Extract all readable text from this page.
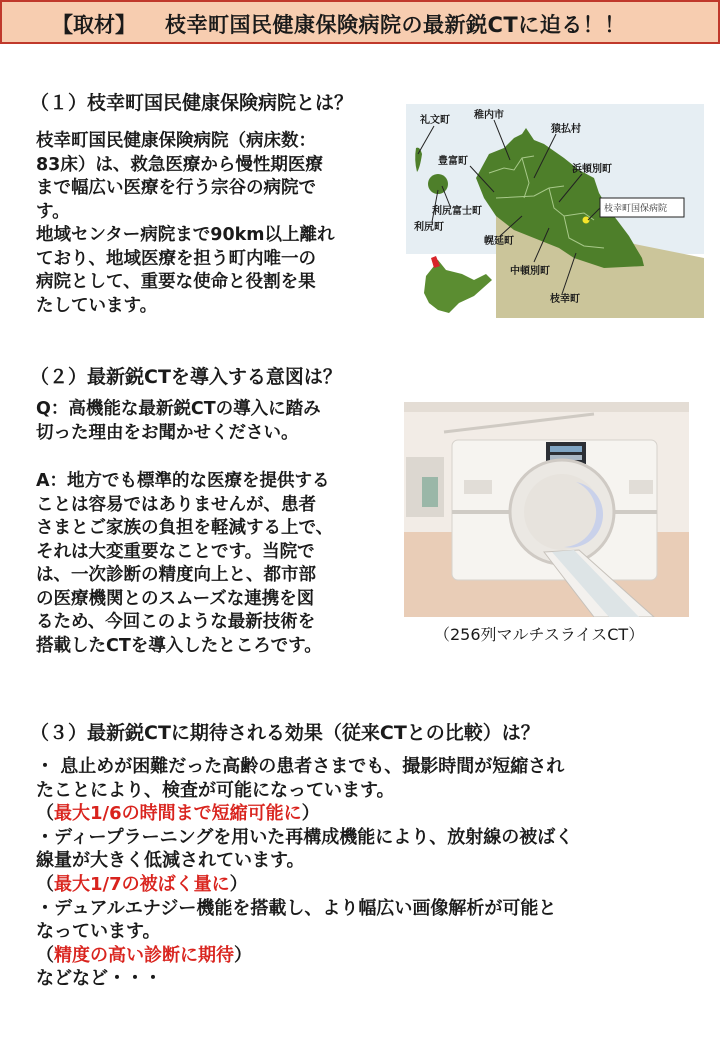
【取材】 枝幸町国民健康保険病院の最新鋭CTに迫る！！
（１）枝幸町国民健康保険病院とは？
枝幸町国民健康保険病院（病床数：
83床）は、救急医療から慢性期医療
まで幅広い医療を行う宗谷の病院で
す。
地域センター病院まで90km以上離れ
ており、地域医療を担う町内唯一の
病院として、重要な使命と役割を果
たしています。
礼文町 稚内市
猿払村
豊富町
浜頓別町
利尻富士町
利尻町
幌延町
中頓別町
枝幸町
枝幸町国保病院
（２）最新鋭CTを導入する意図は？
Q：高機能な最新鋭CTの導入に踏み
切った理由をお聞かせください。
A：地方でも標準的な医療を提供する
ことは容易ではありませんが、患者
さまとご家族の負担を軽減する上で、
それは大変重要なことです。当院で
は、一次診断の精度向上と、都市部
の医療機関とのスムーズな連携を図
るため、今回このような最新技術を
搭載したCTを導入したところです。
（256列マルチスライスCT）
（３）最新鋭CTに期待される効果（従来CTとの比較）は？
・ 息止めが困難だった高齢の患者さまでも、撮影時間が短縮され
たことにより、検査が可能になっています。
（最大1/6の時間まで短縮可能に）
・ディープラーニングを用いた再構成機能により、放射線の被ばく
線量が大きく低減されています。
（最大1/7の被ばく量に）
・デュアルエナジー機能を搭載し、より幅広い画像解析が可能と
なっています。
（精度の高い診断に期待）
などなど・・・
